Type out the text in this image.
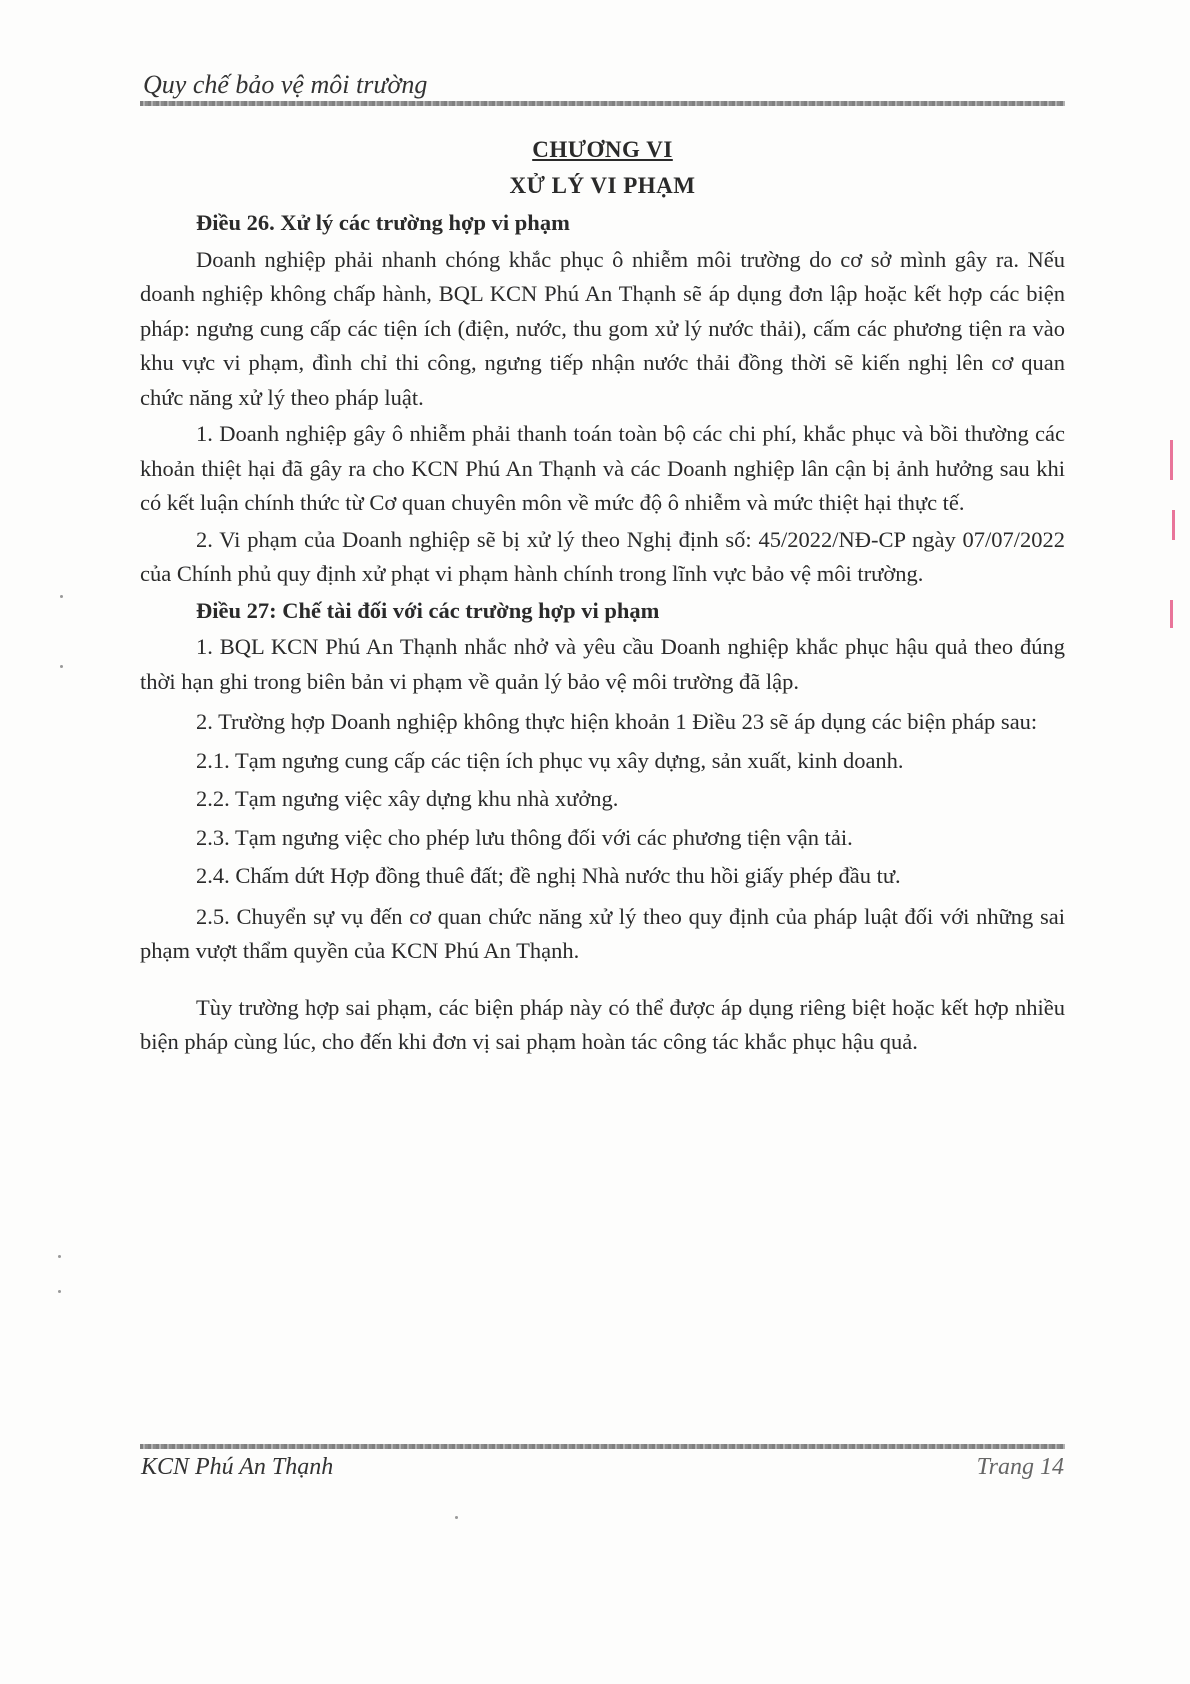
Quy chế bảo vệ môi trường
CHƯƠNG VI
XỬ LÝ VI PHẠM
Điều 26. Xử lý các trường hợp vi phạm

Doanh nghiệp phải nhanh chóng khắc phục ô nhiễm môi trường do cơ sở mình gây ra. Nếu doanh nghiệp không chấp hành, BQL KCN Phú An Thạnh sẽ áp dụng đơn lập hoặc kết hợp các biện pháp: ngưng cung cấp các tiện ích (điện, nước, thu gom xử lý nước thải), cấm các phương tiện ra vào khu vực vi phạm, đình chỉ thi công, ngưng tiếp nhận nước thải đồng thời sẽ kiến nghị lên cơ quan chức năng xử lý theo pháp luật.

1. Doanh nghiệp gây ô nhiễm phải thanh toán toàn bộ các chi phí, khắc phục và bồi thường các khoản thiệt hại đã gây ra cho KCN Phú An Thạnh và các Doanh nghiệp lân cận bị ảnh hưởng sau khi có kết luận chính thức từ Cơ quan chuyên môn về mức độ ô nhiễm và mức thiệt hại thực tế.

2. Vi phạm của Doanh nghiệp sẽ bị xử lý theo Nghị định số: 45/2022/NĐ-CP ngày 07/07/2022 của Chính phủ quy định xử phạt vi phạm hành chính trong lĩnh vực bảo vệ môi trường.

Điều 27: Chế tài đối với các trường hợp vi phạm

1. BQL KCN Phú An Thạnh nhắc nhở và yêu cầu Doanh nghiệp khắc phục hậu quả theo đúng thời hạn ghi trong biên bản vi phạm về quản lý bảo vệ môi trường đã lập.

2. Trường hợp Doanh nghiệp không thực hiện khoản 1 Điều 23 sẽ áp dụng các biện pháp sau:

2.1. Tạm ngưng cung cấp các tiện ích phục vụ xây dựng, sản xuất, kinh doanh.
2.2. Tạm ngưng việc xây dựng khu nhà xưởng.
2.3. Tạm ngưng việc cho phép lưu thông đối với các phương tiện vận tải.
2.4. Chấm dứt Hợp đồng thuê đất; đề nghị Nhà nước thu hồi giấy phép đầu tư.

2.5. Chuyển sự vụ đến cơ quan chức năng xử lý theo quy định của pháp luật đối với những sai phạm vượt thẩm quyền của KCN Phú An Thạnh.

Tùy trường hợp sai phạm, các biện pháp này có thể được áp dụng riêng biệt hoặc kết hợp nhiều biện pháp cùng lúc, cho đến khi đơn vị sai phạm hoàn tác công tác khắc phục hậu quả.

KCN Phú An Thạnh	Trang 14
